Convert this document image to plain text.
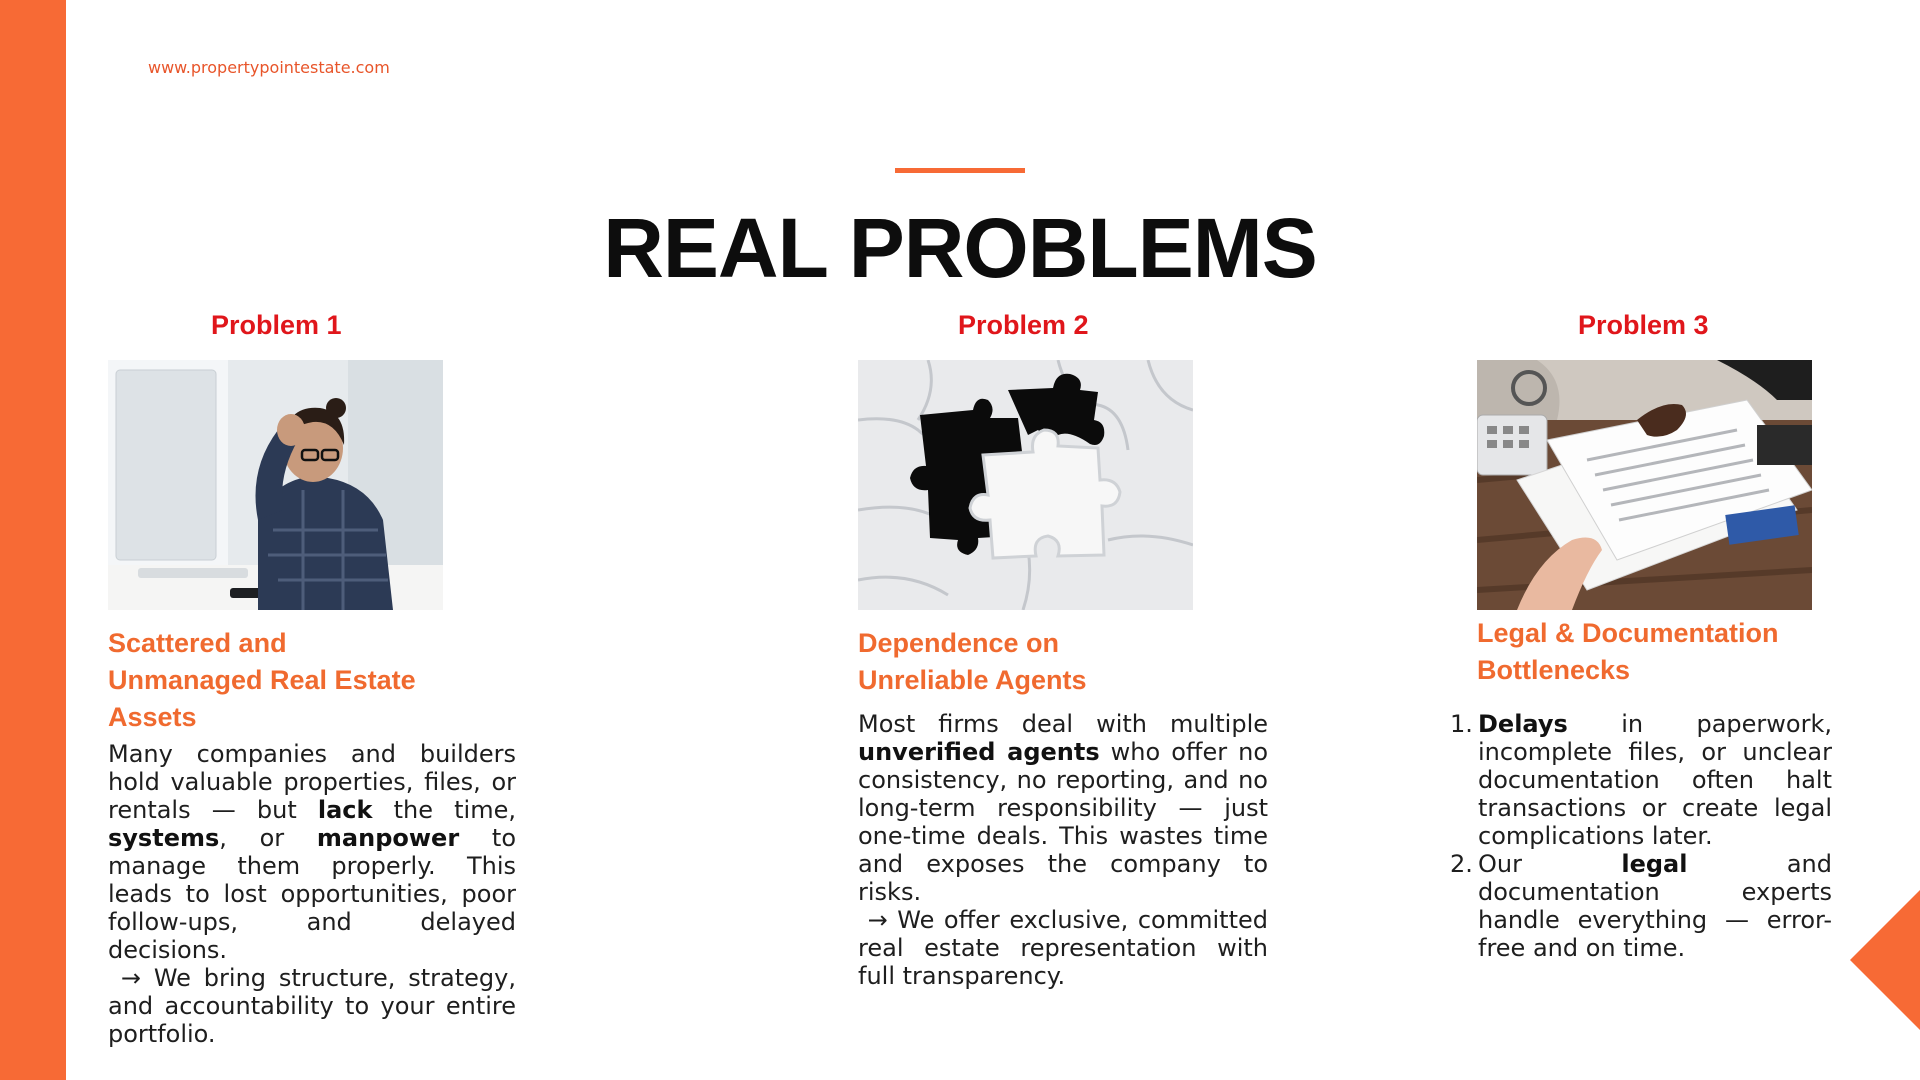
www.propertypointestate.com
REAL PROBLEMS
Problem 1
Scattered and
Unmanaged Real Estate
Assets

Many companies and builders hold valuable properties, files, or rentals — but lack the time, systems, or manpower to manage them properly. This leads to lost opportunities, poor follow-ups, and delayed decisions.
→ We bring structure, strategy, and accountability to your entire portfolio.

Problem 2
Dependence on
Unreliable Agents

Most firms deal with multiple unverified agents who offer no consistency, no reporting, and no long-term responsibility — just one-time deals. This wastes time and exposes the company to risks.
→ We offer exclusive, committed real estate representation with full transparency.

Problem 3
Legal & Documentation
Bottlenecks
1. Delays in paperwork, incomplete files, or unclear documentation often halt transactions or create legal complications later.
2. Our legal and documentation experts handle everything — error-free and on time.
